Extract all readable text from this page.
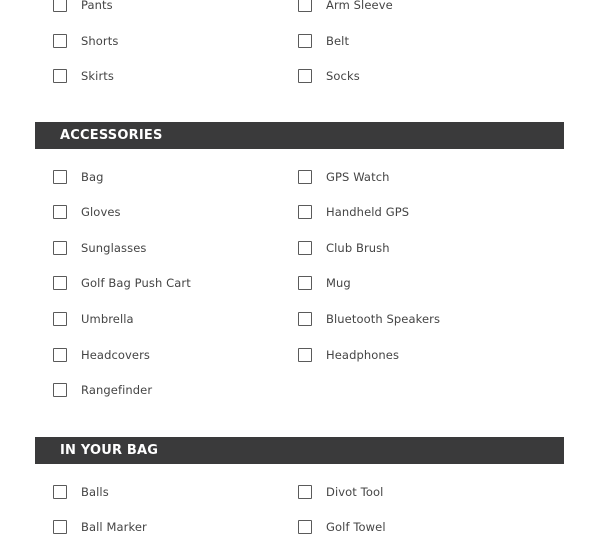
Pants
Shorts
Skirts
Arm Sleeve
Belt
Socks
ACCESSORIES
Bag
Gloves
Sunglasses
Golf Bag Push Cart
Umbrella
Headcovers
Rangefinder
GPS Watch
Handheld GPS
Club Brush
Mug
Bluetooth Speakers
Headphones
IN YOUR BAG
Balls
Ball Marker
Divot Tool
Golf Towel
